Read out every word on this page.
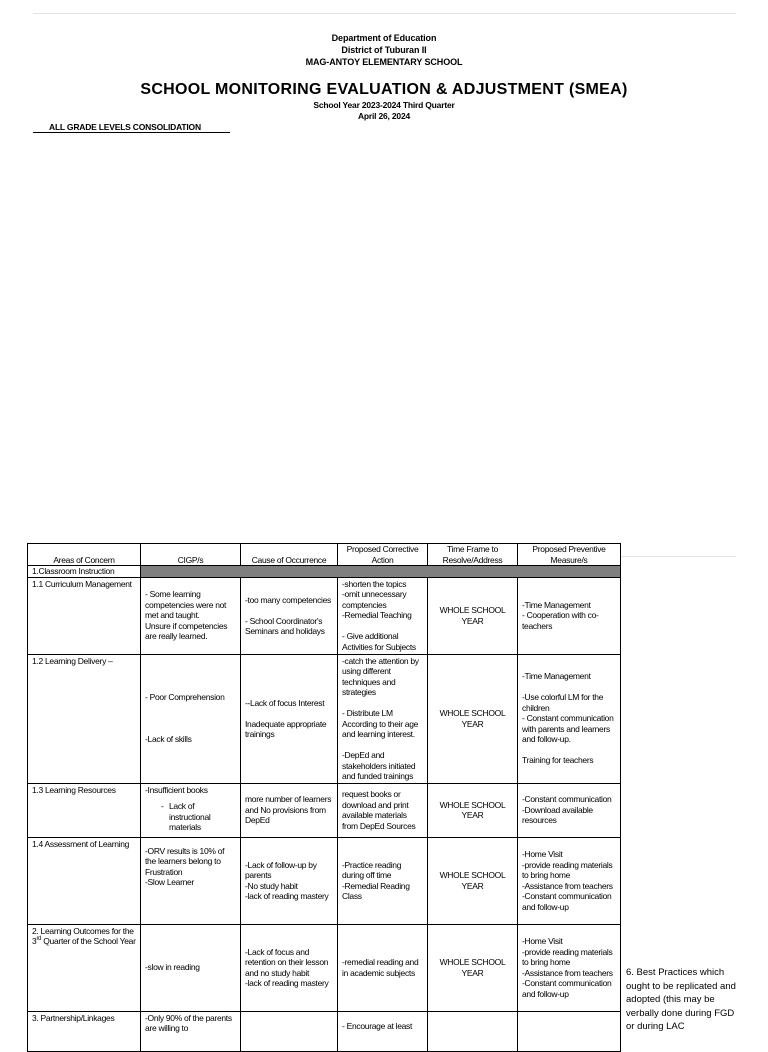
Department of Education
District of Tuburan II
MAG-ANTOY ELEMENTARY SCHOOL
SCHOOL MONITORING EVALUATION & ADJUSTMENT (SMEA)
School Year 2023-2024 Third Quarter
April 26, 2024
ALL GRADE LEVELS CONSOLIDATION
Areas of Concern	CIGP/s	Cause of Occurrence	Proposed Corrective Action	Time Frame to Resolve/Address	Proposed Preventive Measure/s
1.Classroom Instruction					

1.1 Curriculum Management	- Some learning competencies were not met and taught.
Unsure if competencies are really learned.	-too many competencies

- School Coordinator's Seminars and holidays	-shorten the topics
-omit unnecessary comptencies
-Remedial Teaching

- Give additional Activities for Subjects	WHOLE SCHOOL YEAR	-Time Management
- Cooperation with co-teachers

1.2 Learning Delivery –	- Poor Comprehension

-Lack of skills	--Lack of focus Interest

Inadequate appropriate trainings	-catch the attention by using different techniques and strategies

- Distribute LM According to their age and learning interest.

-DepEd and stakeholders initiated and funded trainings	WHOLE SCHOOL YEAR	-Time Management

-Use colorful LM for the children
- Constant communication with parents and learners and follow-up.

Training for teachers

1.3 Learning Resources	-Insufficient books
- Lack of instructional materials	more number of learners and No provisions from DepEd	request books or download and print available materials from DepEd Sources	WHOLE SCHOOL YEAR	-Constant communication
-Download available resources

1.4 Assessment of Learning	-ORV results is 10% of the learners belong to Frustration
-Slow Learner	-Lack of follow-up by parents
-No study habit
-lack of reading mastery	-Practice reading during off time
-Remedial Reading Class	WHOLE SCHOOL YEAR	-Home Visit
-provide reading materials to bring home
-Assistance from teachers
-Constant communication and follow-up

2. Learning Outcomes for the 3rd Quarter of the School Year	-slow in reading	-Lack of focus and retention on their lesson and no study habit
-lack of reading mastery	-remedial reading and in academic subjects	WHOLE SCHOOL YEAR	-Home Visit
-provide reading materials to bring home
-Assistance from teachers
-Constant communication and follow-up

3. Partnership/Linkages	-Only 90% of the parents are willing to		- Encourage at least		

6. Best Practices which ought to be replicated and adopted (this may be verbally done during FGD or during LAC
